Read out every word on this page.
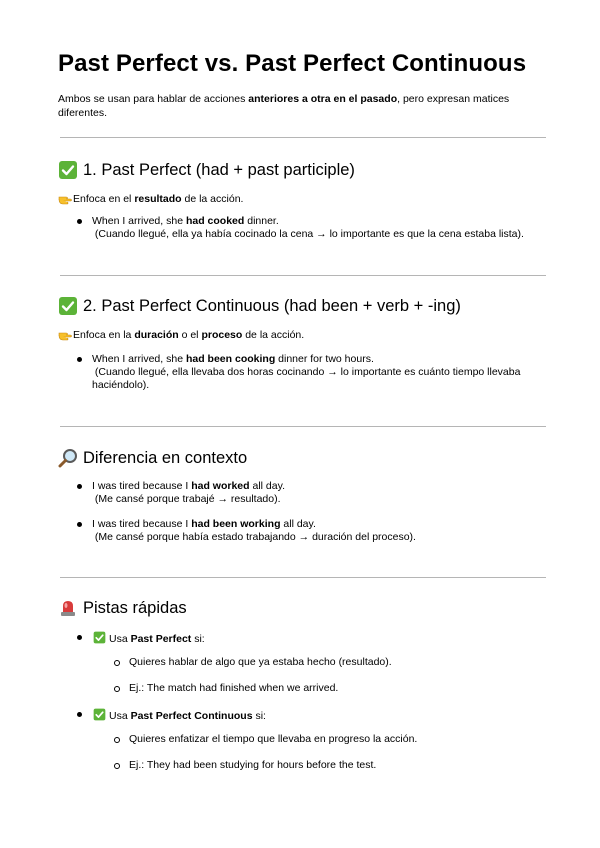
Past Perfect vs. Past Perfect Continuous

Ambos se usan para hablar de acciones anteriores a otra en el pasado, pero expresan matices diferentes.

1. Past Perfect (had + past participle)

Enfoca en el
resultado
de la acción.

When I arrived, she had cooked dinner.
(Cuando llegué, ella ya había cocinado la cena → lo importante es que la cena estaba lista).

2. Past Perfect Continuous (had been + verb + -ing)

Enfoca en la
duración
o el
proceso
de la acción.

When I arrived, she had been cooking dinner for two hours.
(Cuando llegué, ella llevaba dos horas cocinando → lo importante es cuánto tiempo llevaba
haciéndolo).

Diferencia en contexto

I was tired because I had worked all day.
(Me cansé porque trabajé → resultado).

I was tired because I had been working all day.
(Me cansé porque había estado trabajando → duración del proceso).

Pistas rápidas

Usa Past Perfect si:

Quieres hablar de algo que ya estaba hecho (resultado).

Ej.: The match had finished when we arrived.

Usa Past Perfect Continuous si:

Quieres enfatizar el tiempo que llevaba en progreso la acción.

Ej.: They had been studying for hours before the test.
